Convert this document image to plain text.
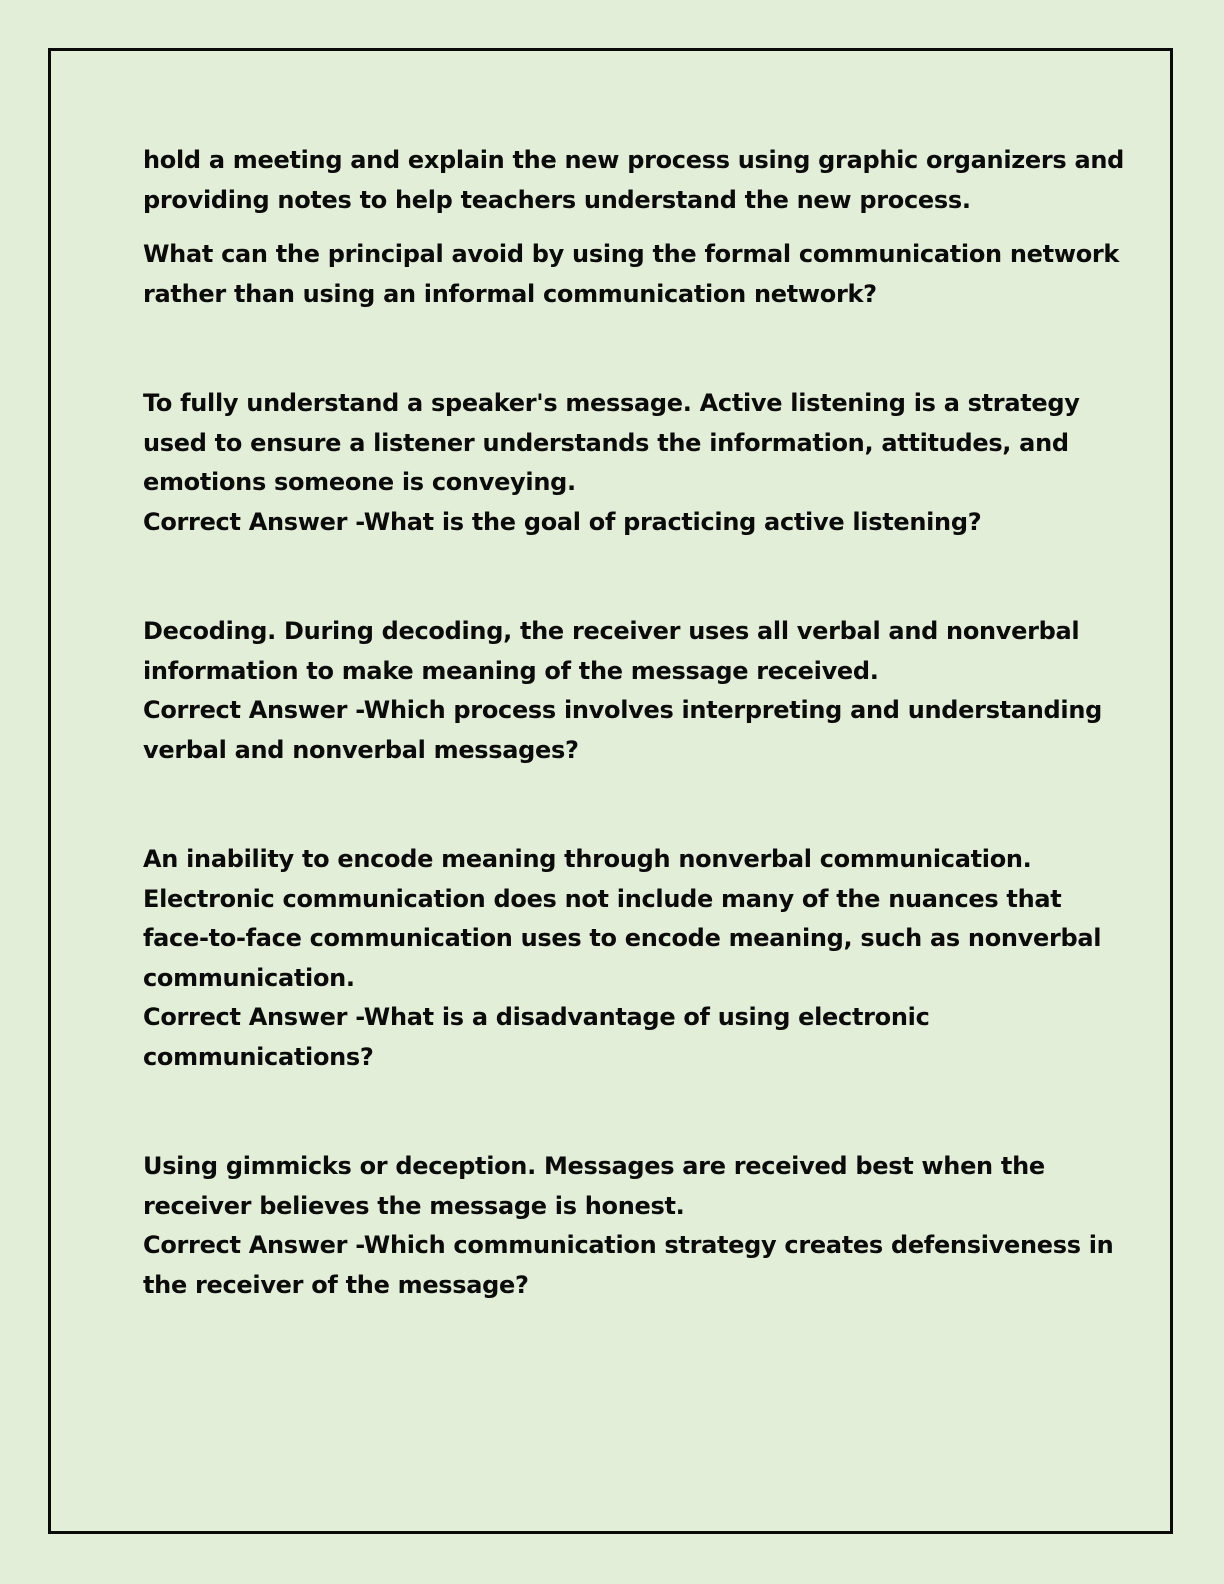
hold a meeting and explain the new process using graphic organizers and
providing notes to help teachers understand the new process.
What can the principal avoid by using the formal communication network
rather than using an informal communication network?
To fully understand a speaker's message. Active listening is a strategy
used to ensure a listener understands the information, attitudes, and
emotions someone is conveying.
Correct Answer -What is the goal of practicing active listening?
Decoding. During decoding, the receiver uses all verbal and nonverbal
information to make meaning of the message received.
Correct Answer -Which process involves interpreting and understanding
verbal and nonverbal messages?
An inability to encode meaning through nonverbal communication.
Electronic communication does not include many of the nuances that
face-to-face communication uses to encode meaning, such as nonverbal
communication.
Correct Answer -What is a disadvantage of using electronic
communications?
Using gimmicks or deception. Messages are received best when the
receiver believes the message is honest.
Correct Answer -Which communication strategy creates defensiveness in
the receiver of the message?
